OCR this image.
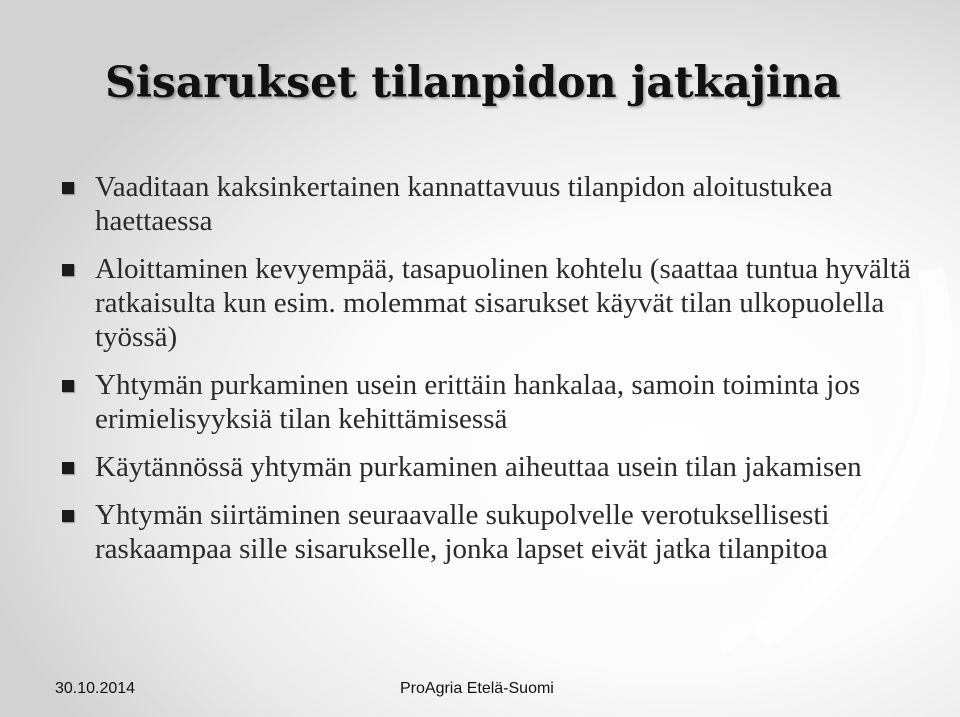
Sisarukset tilanpidon jatkajina
Vaaditaan kaksinkertainen kannattavuus tilanpidon aloitustukea haettaessa
Aloittaminen kevyempää, tasapuolinen kohtelu (saattaa tuntua hyvältä ratkaisulta kun esim. molemmat sisarukset käyvät tilan ulkopuolella työssä)
Yhtymän purkaminen usein erittäin hankalaa, samoin toiminta jos erimielisyyksiä tilan kehittämisessä
Käytännössä yhtymän purkaminen aiheuttaa usein tilan jakamisen
Yhtymän siirtäminen seuraavalle sukupolvelle verotuksellisesti raskaampaa sille sisarukselle, jonka lapset eivät jatka tilanpitoa
30.10.2014	ProAgria Etelä-Suomi
